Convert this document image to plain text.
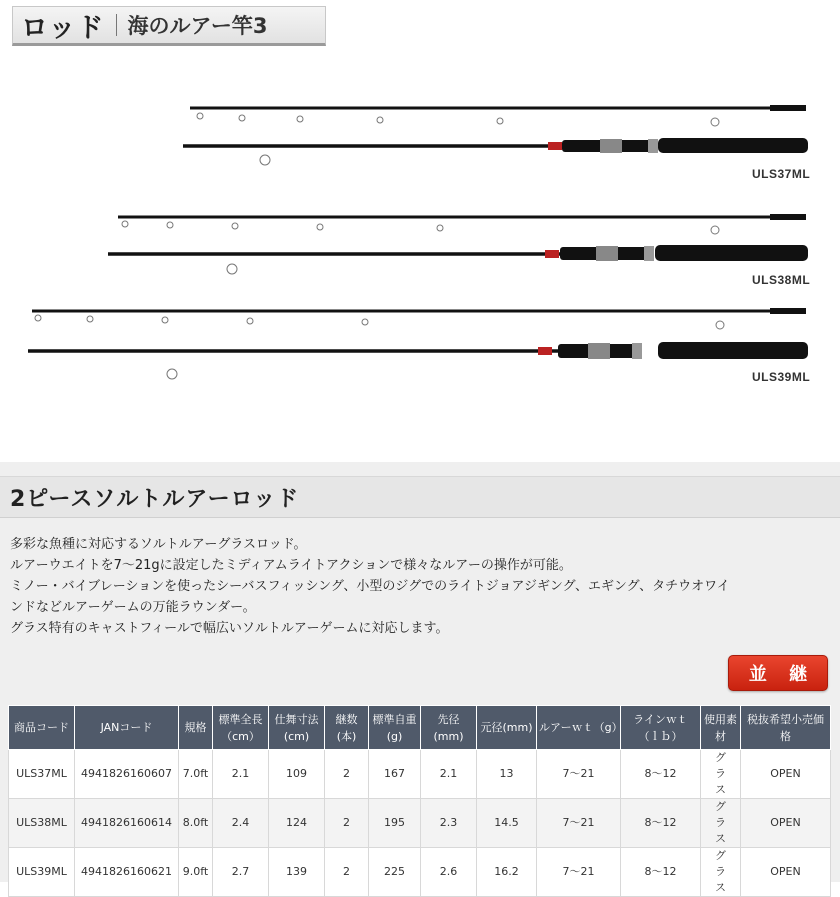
ロッド 海のルアー竿3
ULS37ML
ULS38ML
ULS39ML
2ピースソルトルアーロッド

多彩な魚種に対応するソルトルアーグラスロッド。

ルアーウエイトを7～21gに設定したミディアムライトアクションで様々なルアーの操作が可能。

ミノー・バイブレーションを使ったシーバスフィッシング、小型のジグでのライトジョアジギング、エギング、タチウオワイ

ンドなどルアーゲームの万能ラウンダー。

グラス特有のキャストフィールで幅広いソルトルアーゲームに対応します。

並 継
商品コード	JANコード	規格	標準全長（cm）	仕舞寸法(cm)	継数(本)	標準自重(g)	先径(mm)	元径(mm)	ルアーｗｔ（g）	ラインｗｔ（ｌｂ）	使用素材	税抜希望小売価格
ULS37ML	4941826160607	7.0ft	2.1	109	2	167	2.1	13	7～21	8～12	グラス	OPEN
ULS38ML	4941826160614	8.0ft	2.4	124	2	195	2.3	14.5	7～21	8～12	グラス	OPEN
ULS39ML	4941826160621	9.0ft	2.7	139	2	225	2.6	16.2	7～21	8～12	グラス	OPEN
